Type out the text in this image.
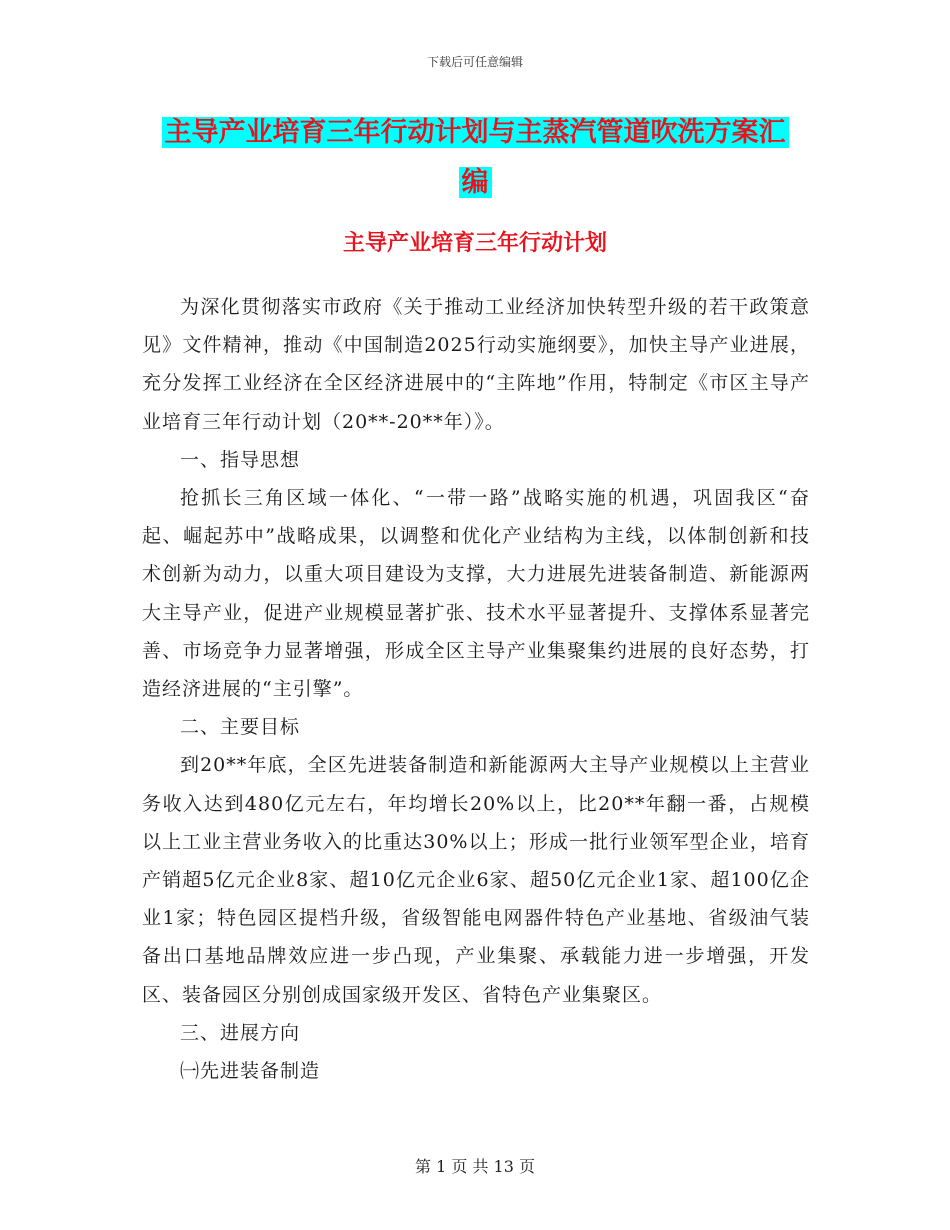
下载后可任意编辑
主导产业培育三年行动计划与主蒸汽管道吹洗方案汇
编
主导产业培育三年行动计划

为深化贯彻落实市政府《关于推动工业经济加快转型升级的若干政策意见》文件精神，推动《中国制造2025行动实施纲要》，加快主导产业进展，充分发挥工业经济在全区经济进展中的“主阵地”作用，特制定《市区主导产业培育三年行动计划（20**-20**年）》。

一、指导思想

抢抓长三角区域一体化、“一带一路”战略实施的机遇，巩固我区“奋起、崛起苏中”战略成果，以调整和优化产业结构为主线，以体制创新和技术创新为动力，以重大项目建设为支撑，大力进展先进装备制造、新能源两大主导产业，促进产业规模显著扩张、技术水平显著提升、支撑体系显著完善、市场竞争力显著增强，形成全区主导产业集聚集约进展的良好态势，打造经济进展的“主引擎”。

二、主要目标

到20**年底，全区先进装备制造和新能源两大主导产业规模以上主营业务收入达到480亿元左右，年均增长20%以上，比20**年翻一番，占规模以上工业主营业务收入的比重达30%以上；形成一批行业领军型企业，培育产销超5亿元企业8家、超10亿元企业6家、超50亿元企业1家、超100亿企业1家；特色园区提档升级，省级智能电网器件特色产业基地、省级油气装备出口基地品牌效应进一步凸现，产业集聚、承载能力进一步增强，开发区、装备园区分别创成国家级开发区、省特色产业集聚区。

三、进展方向

㈠先进装备制造

第 1 页 共 13 页
